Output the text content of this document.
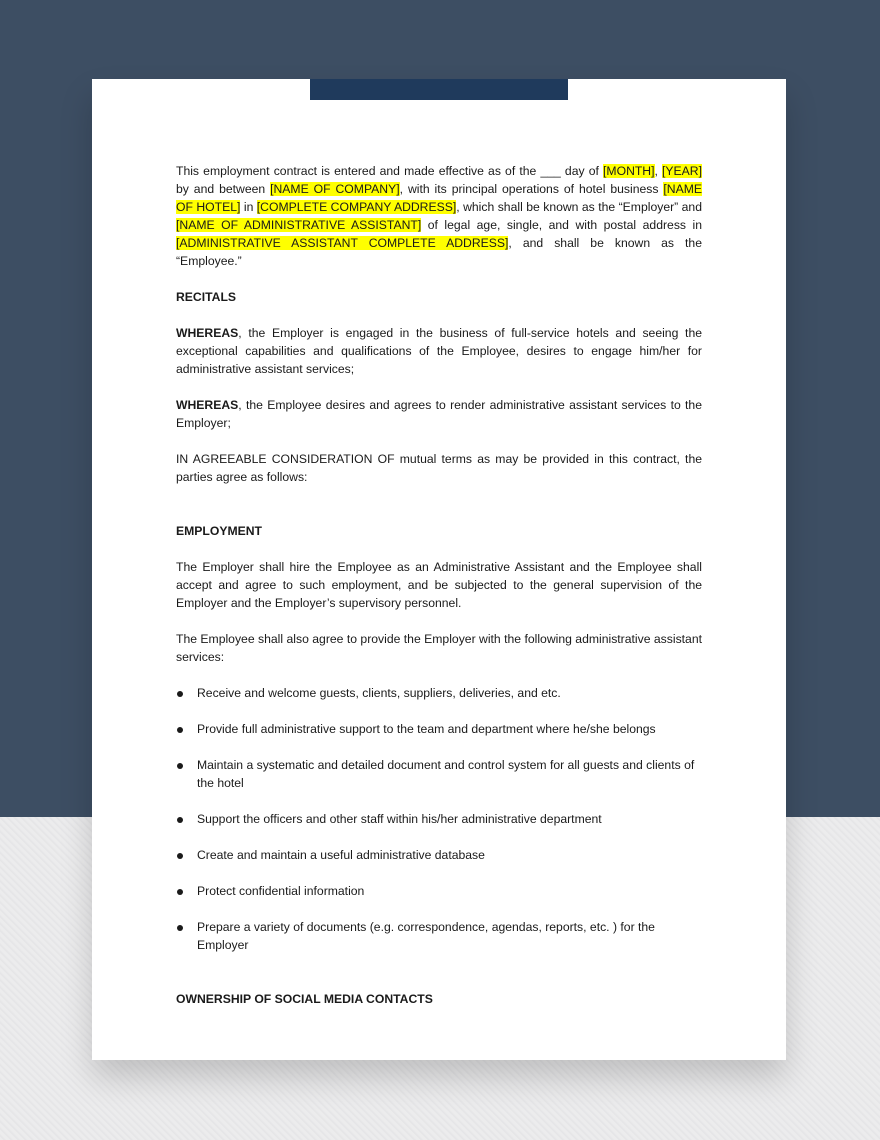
This employment contract is entered and made effective as of the ___ day of [MONTH], [YEAR] by and between [NAME OF COMPANY], with its principal operations of hotel business [NAME OF HOTEL] in [COMPLETE COMPANY ADDRESS], which shall be known as the “Employer” and [NAME OF ADMINISTRATIVE ASSISTANT] of legal age, single, and with postal address in [ADMINISTRATIVE ASSISTANT COMPLETE ADDRESS], and shall be known as the “Employee.”

RECITALS

WHEREAS, the Employer is engaged in the business of full-service hotels and seeing the exceptional capabilities and qualifications of the Employee, desires to engage him/her for administrative assistant services;

WHEREAS, the Employee desires and agrees to render administrative assistant services to the Employer;

IN AGREEABLE CONSIDERATION OF mutual terms as may be provided in this contract, the parties agree as follows:

EMPLOYMENT

The Employer shall hire the Employee as an Administrative Assistant and the Employee shall accept and agree to such employment, and be subjected to the general supervision of the Employer and the Employer’s supervisory personnel.

The Employee shall also agree to provide the Employer with the following administrative assistant services:

Receive and welcome guests, clients, suppliers, deliveries, and etc.
Provide full administrative support to the team and department where he/she belongs
Maintain a systematic and detailed document and control system for all guests and clients of the hotel
Support the officers and other staff within his/her administrative department
Create and maintain a useful administrative database
Protect confidential information
Prepare a variety of documents (e.g. correspondence, agendas, reports, etc. ) for the Employer
OWNERSHIP OF SOCIAL MEDIA CONTACTS
